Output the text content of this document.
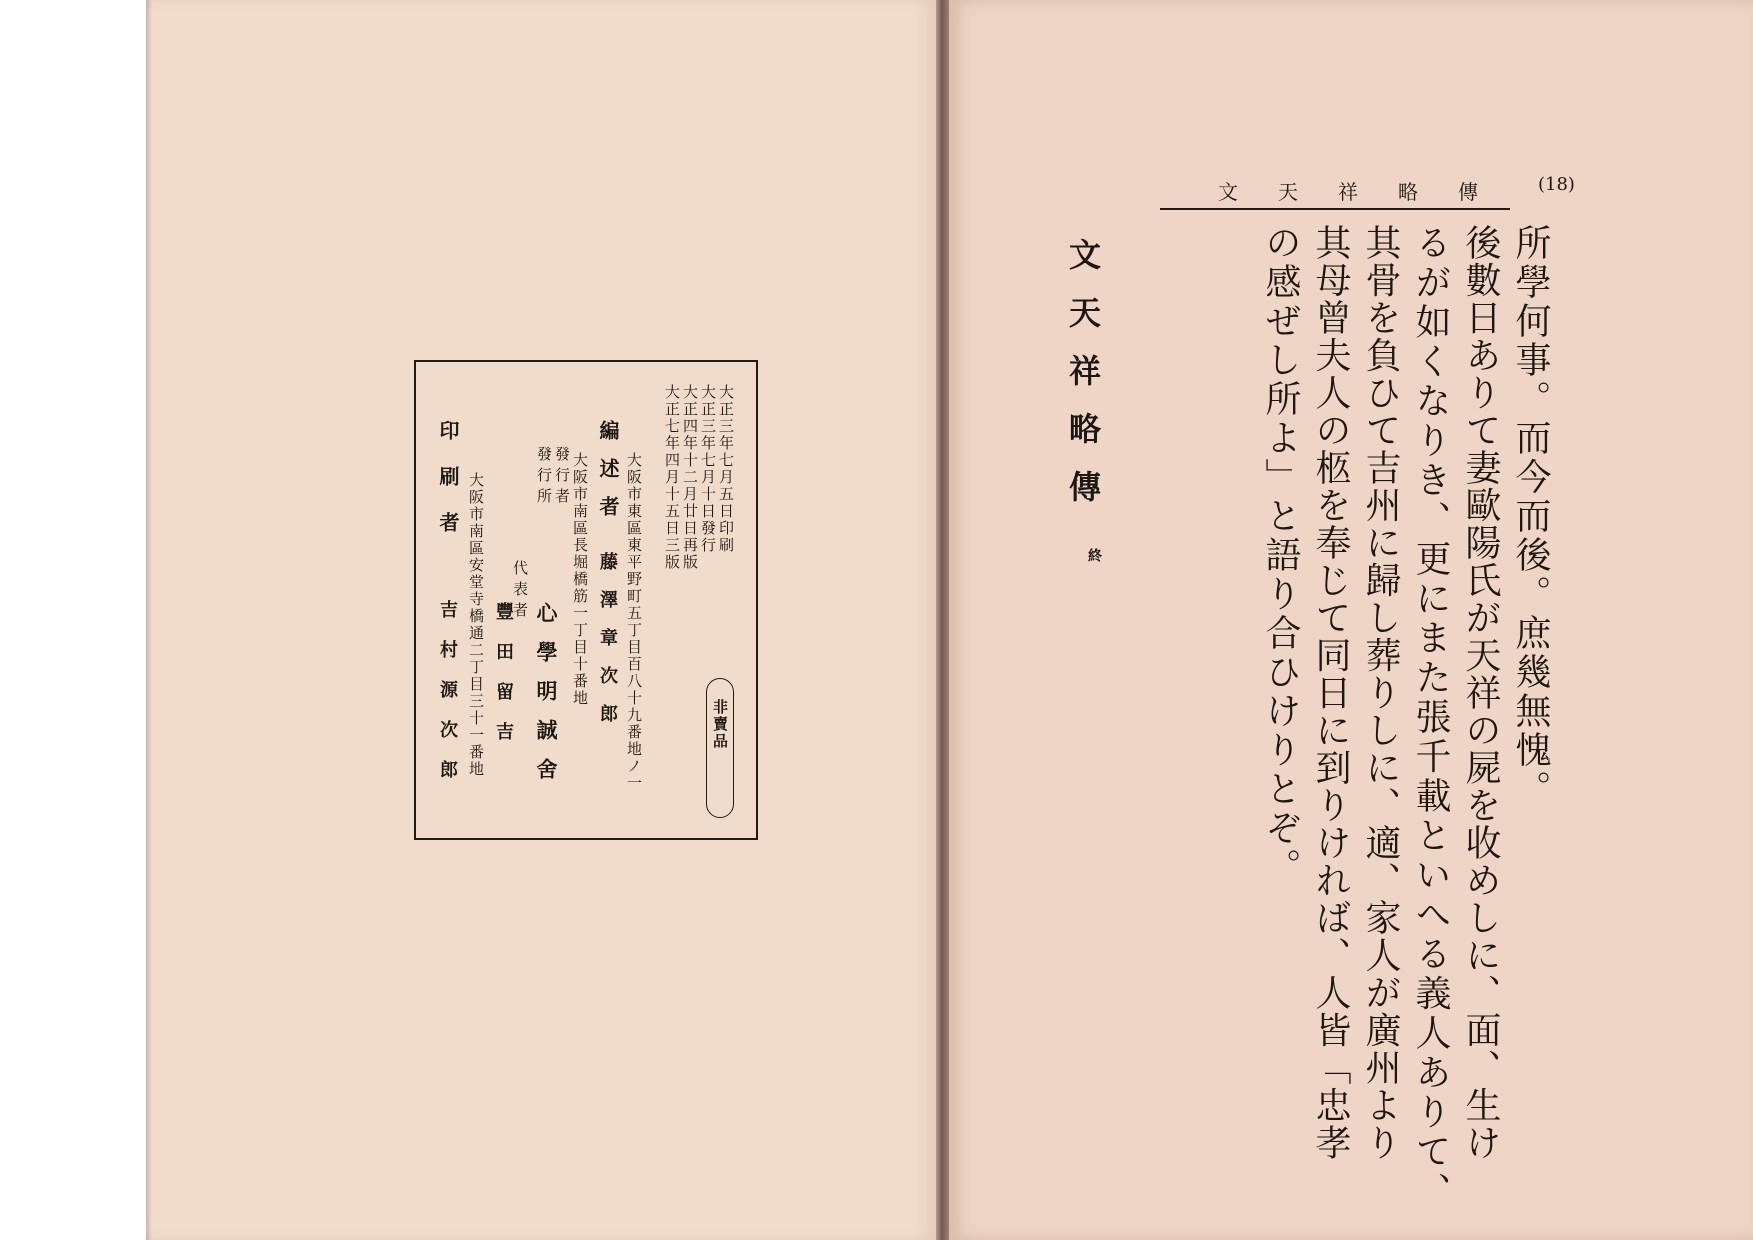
非賣品
大正三年七月五日印刷
大正三年七月十日發行
大正四年十二月廿日再版
大正七年四月十五日三版
大阪市東區東平野町五丁目百八十九番地ノ一
編述者
藤澤章次郎
大阪市南區長堀橋筋一丁目十番地
發行者
發行所
心學明誠舍
代表者
豐田留吉
大阪市南區安堂寺橋通二丁目三十一番地
印刷者
吉村源次郎
文天祥略傳 (18)
所學何事。而今而後。庶幾無愧。
後數日ありて妻歐陽氏が天祥の屍を收めしに、面、生け
るが如くなりき、更にまた張千載といへる義人ありて、
其骨を負ひて吉州に歸し葬りしに、適、家人が廣州より
其母曾夫人の柩を奉じて同日に到りければ、人皆「忠孝
の感ぜし所よ」と語り合ひけりとぞ。
文天祥略傳
終
